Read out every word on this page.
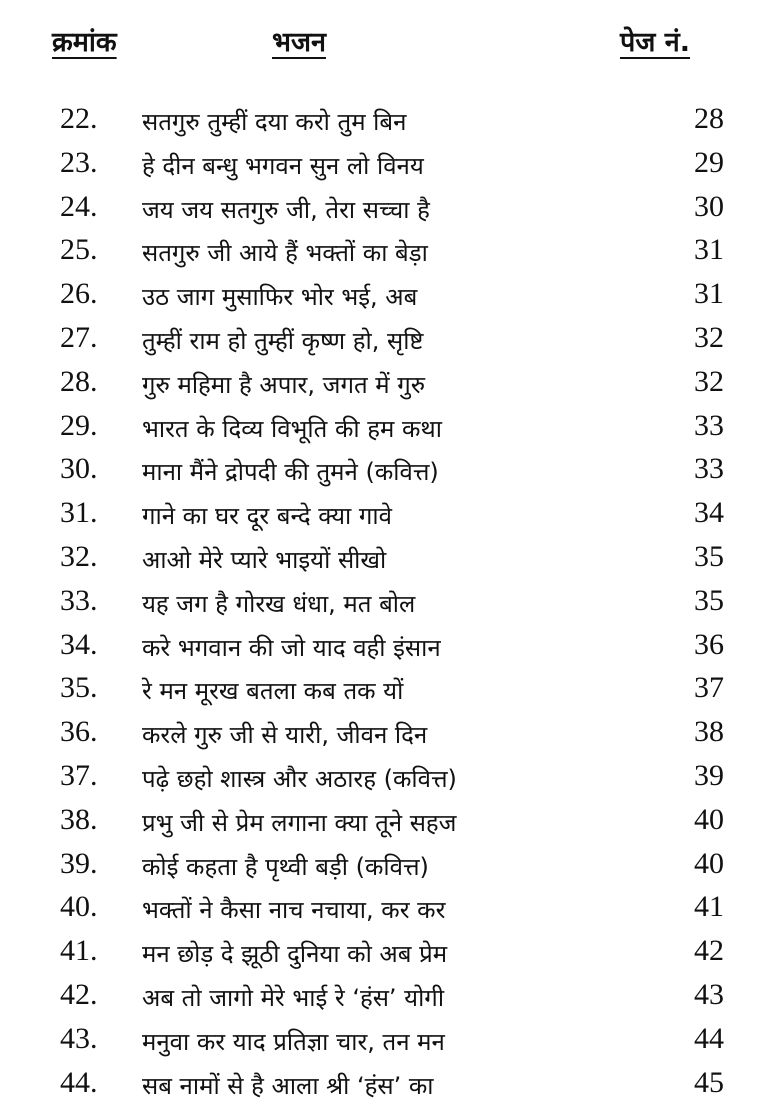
क्रमांक	भजन	पेज नं.
22. सतगुरु तुम्हीं दया करो तुम बिन	28
23. हे दीन बन्धु भगवन सुन लो विनय	29
24. जय जय सतगुरु जी, तेरा सच्चा है	30
25. सतगुरु जी आये हैं भक्तों का बेड़ा	31
26. उठ जाग मुसाफिर भोर भई, अब	31
27. तुम्हीं राम हो तुम्हीं कृष्ण हो, सृष्टि	32
28. गुरु महिमा है अपार, जगत में गुरु	32
29. भारत के दिव्य विभूति की हम कथा	33
30. माना मैंने द्रोपदी की तुमने (कवित्त)	33
31. गाने का घर दूर बन्दे क्या गावे	34
32. आओ मेरे प्यारे भाइयों सीखो	35
33. यह जग है गोरख धंधा, मत बोल	35
34. करे भगवान की जो याद वही इंसान	36
35. रे मन मूरख बतला कब तक यों	37
36. करले गुरु जी से यारी, जीवन दिन	38
37. पढ़े छहो शास्त्र और अठारह (कवित्त)	39
38. प्रभु जी से प्रेम लगाना क्या तूने सहज	40
39. कोई कहता है पृथ्वी बड़ी (कवित्त)	40
40. भक्तों ने कैसा नाच नचाया, कर कर	41
41. मन छोड़ दे झूठी दुनिया को अब प्रेम	42
42. अब तो जागो मेरे भाई रे ‘हंस’ योगी	43
43. मनुवा कर याद प्रतिज्ञा चार, तन मन	44
44. सब नामों से है आला श्री ‘हंस’ का	45
